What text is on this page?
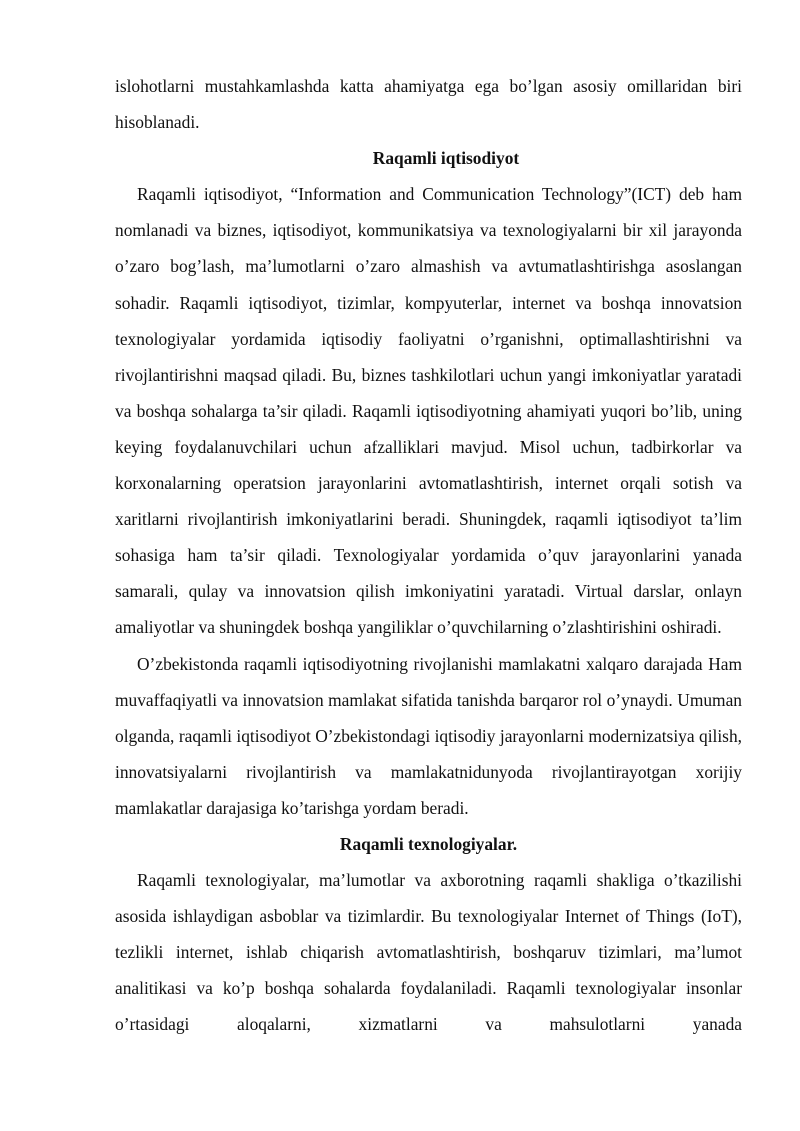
islohotlarni mustahkamlashda katta ahamiyatga ega bo’lgan asosiy omillaridan biri hisoblanadi.

Raqamli iqtisodiyot

Raqamli iqtisodiyot, “Information and Communication Technology”(ICT) deb ham nomlanadi va biznes, iqtisodiyot, kommunikatsiya va texnologiyalarni bir xil jarayonda o’zaro bog’lash, ma’lumotlarni o’zaro almashish va avtumatlashtirishga asoslangan sohadir. Raqamli iqtisodiyot, tizimlar, kompyuterlar, internet va boshqa innovatsion texnologiyalar yordamida iqtisodiy faoliyatni o’rganishni, optimallashtirishni va rivojlantirishni maqsad qiladi. Bu, biznes tashkilotlari uchun yangi imkoniyatlar yaratadi va boshqa sohalarga ta’sir qiladi. Raqamli iqtisodiyotning ahamiyati yuqori bo’lib, uning keying foydalanuvchilari uchun afzalliklari mavjud. Misol uchun, tadbirkorlar va korxonalarning operatsion jarayonlarini avtomatlashtirish, internet orqali sotish va xaritlarni rivojlantirish imkoniyatlarini beradi. Shuningdek, raqamli iqtisodiyot ta’lim sohasiga ham ta’sir qiladi. Texnologiyalar yordamida o’quv jarayonlarini yanada samarali, qulay va innovatsion qilish imkoniyatini yaratadi. Virtual darslar, onlayn amaliyotlar va shuningdek boshqa yangiliklar o’quvchilarning o’zlashtirishini oshiradi.

O’zbekistonda raqamli iqtisodiyotning rivojlanishi mamlakatni xalqaro darajada Ham muvaffaqiyatli va innovatsion mamlakat sifatida tanishda barqaror rol o’ynaydi. Umuman olganda, raqamli iqtisodiyot O’zbekistondagi iqtisodiy jarayonlarni modernizatsiya qilish, innovatsiyalarni rivojlantirish va mamlakatnidunyoda rivojlantirayotgan xorijiy mamlakatlar darajasiga ko’tarishga yordam beradi.

Raqamli texnologiyalar.

Raqamli texnologiyalar, ma’lumotlar va axborotning raqamli shakliga o’tkazilishi asosida ishlaydigan asboblar va tizimlardir. Bu texnologiyalar Internet of Things (IoT), tezlikli internet, ishlab chiqarish avtomatlashtirish, boshqaruv tizimlari, ma’lumot analitikasi va ko’p boshqa sohalarda foydalaniladi. Raqamli texnologiyalar insonlar o’rtasidagi aloqalarni, xizmatlarni va mahsulotlarni yanada
